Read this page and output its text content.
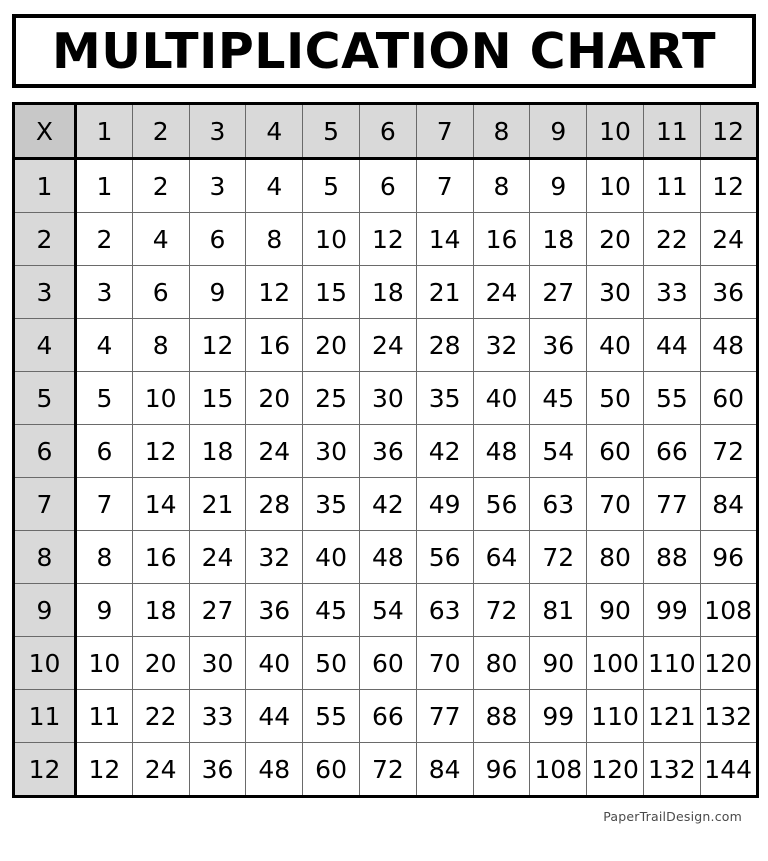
MULTIPLICATION CHART
X	1	2	3	4	5	6	7	8	9	10	11	12
1	1	2	3	4	5	6	7	8	9	10	11	12
2	2	4	6	8	10	12	14	16	18	20	22	24
3	3	6	9	12	15	18	21	24	27	30	33	36
4	4	8	12	16	20	24	28	32	36	40	44	48
5	5	10	15	20	25	30	35	40	45	50	55	60
6	6	12	18	24	30	36	42	48	54	60	66	72
7	7	14	21	28	35	42	49	56	63	70	77	84
8	8	16	24	32	40	48	56	64	72	80	88	96
9	9	18	27	36	45	54	63	72	81	90	99	108
10	10	20	30	40	50	60	70	80	90	100	110	120
11	11	22	33	44	55	66	77	88	99	110	121	132
12	12	24	36	48	60	72	84	96	108	120	132	144
PaperTrailDesign.com
